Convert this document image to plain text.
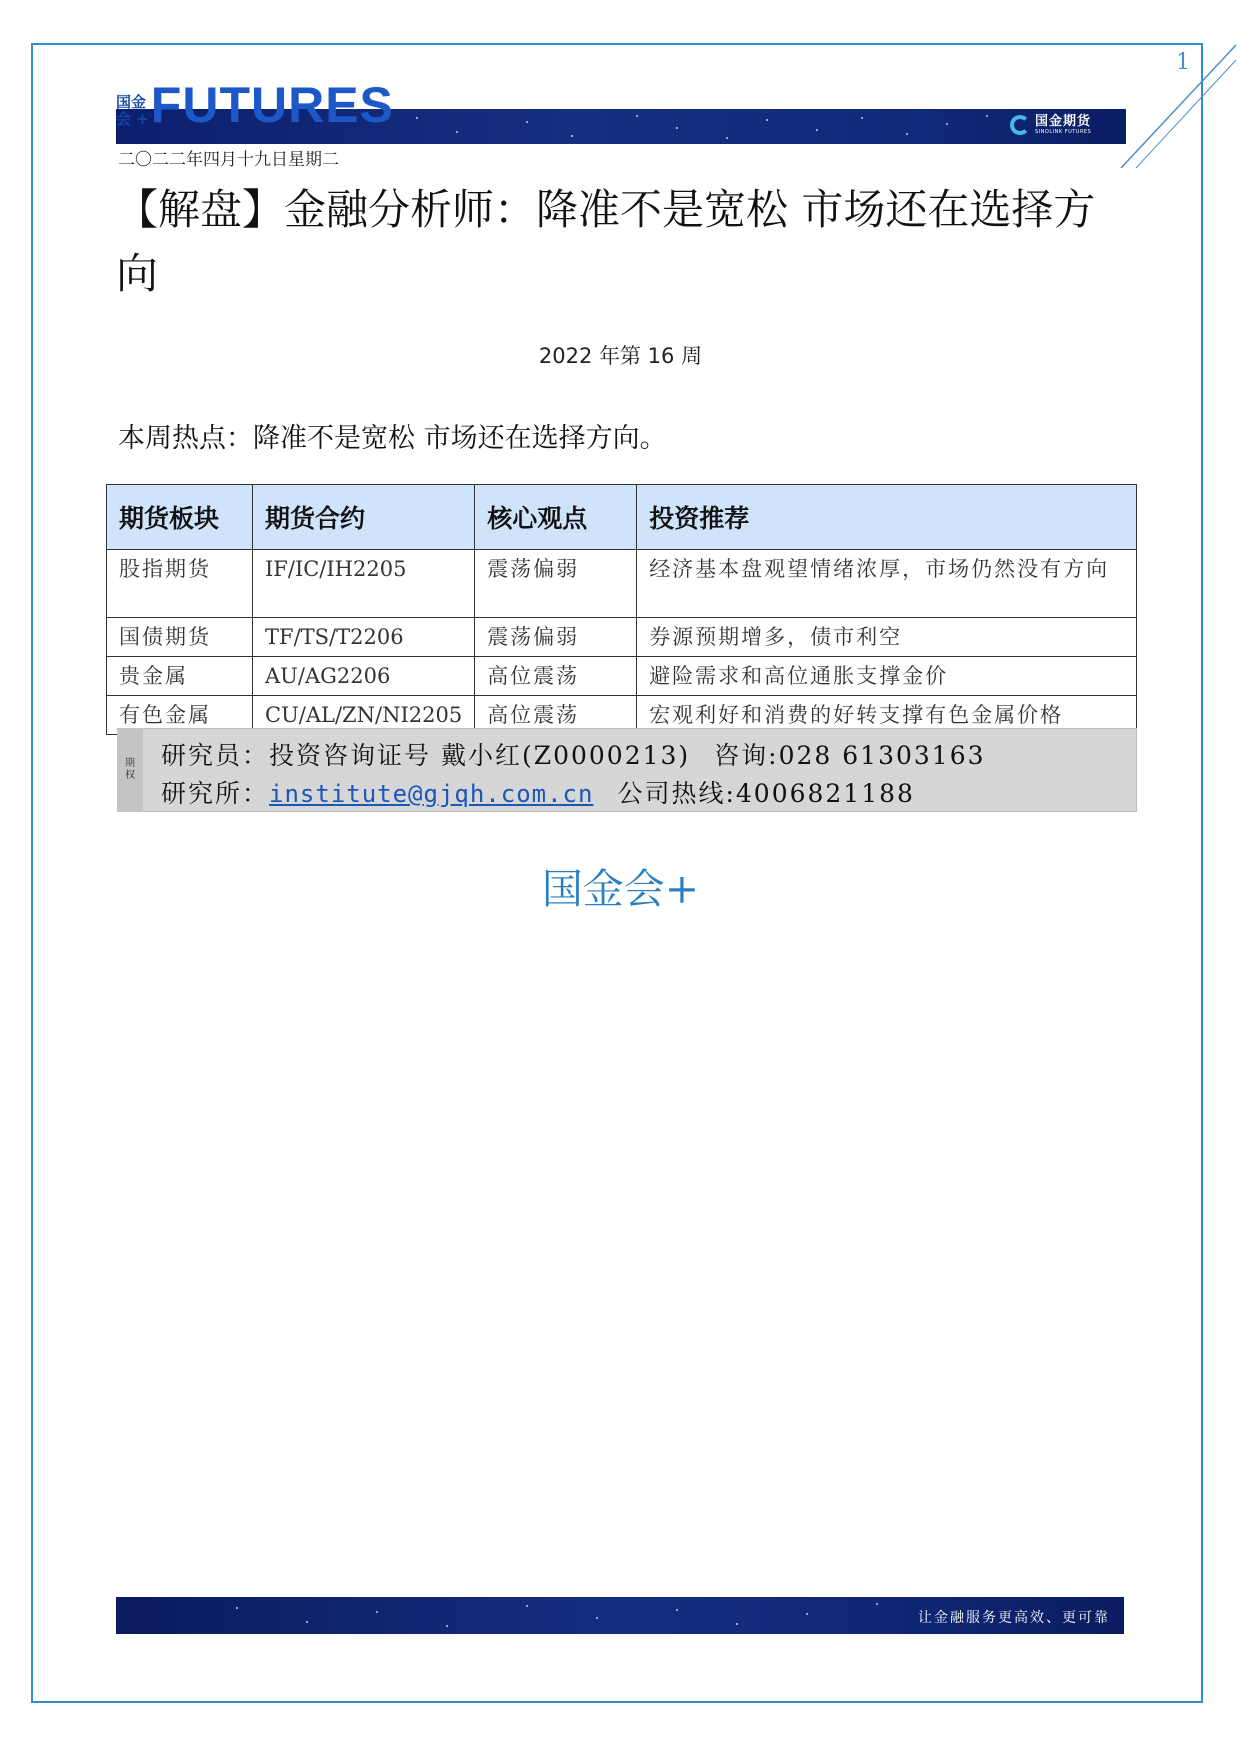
1
国金
会 + FUTURES	国金期货
SINOLINK FUTURES
二〇二二年四月十九日星期二
【解盘】金融分析师：降准不是宽松 市场还在选择方向
2022 年第 16 周
本周热点：降准不是宽松 市场还在选择方向。
期货板块	期货合约	核心观点	投资推荐
股指期货	IF/IC/IH2205	震荡偏弱	经济基本盘观望情绪浓厚，市场仍然没有方向
国债期货	TF/TS/T2206	震荡偏弱	券源预期增多，债市利空
贵金属	AU/AG2206	高位震荡	避险需求和高位通胀支撑金价
有色金属	CU/AL/ZN/NI2205	高位震荡	宏观利好和消费的好转支撑有色金属价格
期
权
研究员：投资咨询证号 戴小红(Z0000213) 咨询:028 61303163
研究所：institute@gjqh.com.cn 公司热线:4006821188
国金会+
让金融服务更高效、更可靠
